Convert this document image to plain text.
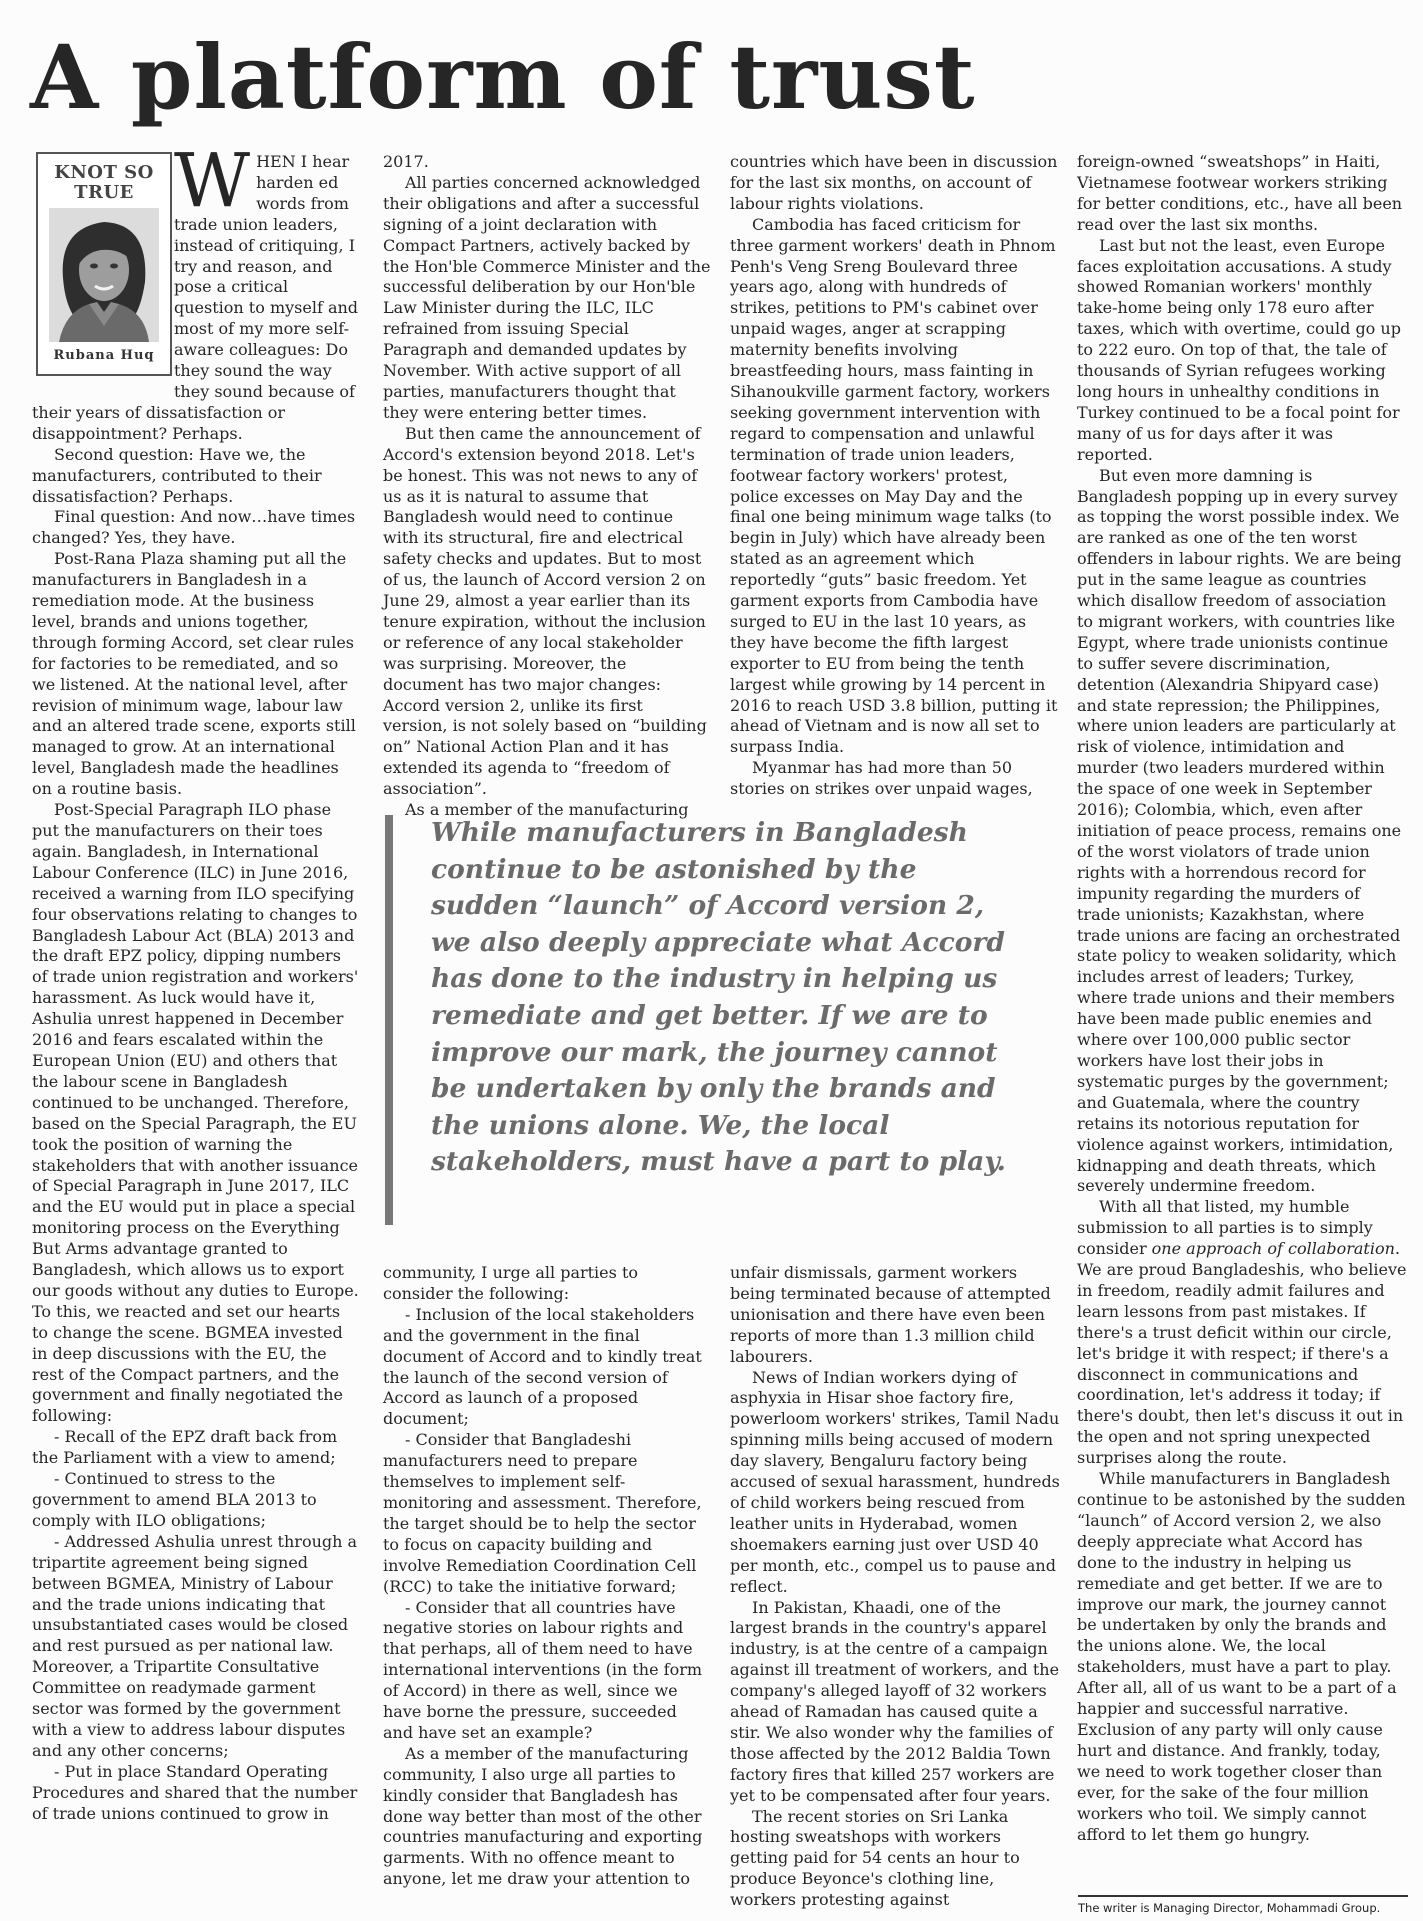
A platform of trust
KNOT SO
TRUE
Rubana Huq

WHEN I hear harden ed words from trade union leaders, instead of critiquing, I try and reason, and pose a critical question to myself and most of my more self-aware colleagues: Do they sound the way they sound because of their years of dissatisfaction or disappointment? Perhaps.

Second question: Have we, the manufacturers, contributed to their dissatisfaction? Perhaps.

Final question: And now…have times changed? Yes, they have.

Post-Rana Plaza shaming put all the manufacturers in Bangladesh in a remediation mode. At the business level, brands and unions together, through forming Accord, set clear rules for factories to be remediated, and so we listened. At the national level, after revision of minimum wage, labour law and an altered trade scene, exports still managed to grow. At an international level, Bangladesh made the headlines on a routine basis.

Post-Special Paragraph ILO phase put the manufacturers on their toes again. Bangladesh, in International Labour Conference (ILC) in June 2016, received a warning from ILO specifying four observations relating to changes to Bangladesh Labour Act (BLA) 2013 and the draft EPZ policy, dipping numbers of trade union registration and workers' harassment. As luck would have it, Ashulia unrest happened in December 2016 and fears escalated within the European Union (EU) and others that the labour scene in Bangladesh continued to be unchanged. Therefore, based on the Special Paragraph, the EU took the position of warning the stakeholders that with another issuance of Special Paragraph in June 2017, ILC and the EU would put in place a special monitoring process on the Everything But Arms advantage granted to Bangladesh, which allows us to export our goods without any duties to Europe. To this, we reacted and set our hearts to change the scene. BGMEA invested in deep discussions with the EU, the rest of the Compact partners, and the government and finally negotiated the following:

- Recall of the EPZ draft back from the Parliament with a view to amend;

- Continued to stress to the government to amend BLA 2013 to comply with ILO obligations;

- Addressed Ashulia unrest through a tripartite agreement being signed between BGMEA, Ministry of Labour and the trade unions indicating that unsubstantiated cases would be closed and rest pursued as per national law. Moreover, a Tripartite Consultative Committee on readymade garment sector was formed by the government with a view to address labour disputes and any other concerns;

- Put in place Standard Operating Procedures and shared that the number of trade unions continued to grow in

2017.

All parties concerned acknowledged their obligations and after a successful signing of a joint declaration with Compact Partners, actively backed by the Hon'ble Commerce Minister and the successful deliberation by our Hon'ble Law Minister during the ILC, ILC refrained from issuing Special Paragraph and demanded updates by November. With active support of all parties, manufacturers thought that they were entering better times.

But then came the announcement of Accord's extension beyond 2018. Let's be honest. This was not news to any of us as it is natural to assume that Bangladesh would need to continue with its structural, fire and electrical safety checks and updates. But to most of us, the launch of Accord version 2 on June 29, almost a year earlier than its tenure expiration, without the inclusion or reference of any local stakeholder was surprising. Moreover, the document has two major changes: Accord version 2, unlike its first version, is not solely based on “building on” National Action Plan and it has extended its agenda to “freedom of association”.

As a member of the manufacturing

countries which have been in discussion for the last six months, on account of labour rights violations.

Cambodia has faced criticism for three garment workers' death in Phnom Penh's Veng Sreng Boulevard three years ago, along with hundreds of strikes, petitions to PM's cabinet over unpaid wages, anger at scrapping maternity benefits involving breastfeeding hours, mass fainting in Sihanoukville garment factory, workers seeking government intervention with regard to compensation and unlawful termination of trade union leaders, footwear factory workers' protest, police excesses on May Day and the final one being minimum wage talks (to begin in July) which have already been stated as an agreement which reportedly “guts” basic freedom. Yet garment exports from Cambodia have surged to EU in the last 10 years, as they have become the fifth largest exporter to EU from being the tenth largest while growing by 14 percent in 2016 to reach USD 3.8 billion, putting it ahead of Vietnam and is now all set to surpass India.

Myanmar has had more than 50 stories on strikes over unpaid wages,

While manufacturers in Bangladesh continue to be astonished by the sudden “launch” of Accord version 2, we also deeply appreciate what Accord has done to the industry in helping us remediate and get better. If we are to improve our mark, the journey cannot be undertaken by only the brands and the unions alone. We, the local stakeholders, must have a part to play.

community, I urge all parties to consider the following:

- Inclusion of the local stakeholders and the government in the final document of Accord and to kindly treat the launch of the second version of Accord as launch of a proposed document;

- Consider that Bangladeshi manufacturers need to prepare themselves to implement self-monitoring and assessment. Therefore, the target should be to help the sector to focus on capacity building and involve Remediation Coordination Cell (RCC) to take the initiative forward;

- Consider that all countries have negative stories on labour rights and that perhaps, all of them need to have international interventions (in the form of Accord) in there as well, since we have borne the pressure, succeeded and have set an example?

As a member of the manufacturing community, I also urge all parties to kindly consider that Bangladesh has done way better than most of the other countries manufacturing and exporting garments. With no offence meant to anyone, let me draw your attention to

unfair dismissals, garment workers being terminated because of attempted unionisation and there have even been reports of more than 1.3 million child labourers.

News of Indian workers dying of asphyxia in Hisar shoe factory fire, powerloom workers' strikes, Tamil Nadu spinning mills being accused of modern day slavery, Bengaluru factory being accused of sexual harassment, hundreds of child workers being rescued from leather units in Hyderabad, women shoemakers earning just over USD 40 per month, etc., compel us to pause and reflect.

In Pakistan, Khaadi, one of the largest brands in the country's apparel industry, is at the centre of a campaign against ill treatment of workers, and the company's alleged layoff of 32 workers ahead of Ramadan has caused quite a stir. We also wonder why the families of those affected by the 2012 Baldia Town factory fires that killed 257 workers are yet to be compensated after four years.

The recent stories on Sri Lanka hosting sweatshops with workers getting paid for 54 cents an hour to produce Beyonce's clothing line, workers protesting against

foreign-owned “sweatshops” in Haiti, Vietnamese footwear workers striking for better conditions, etc., have all been read over the last six months.

Last but not the least, even Europe faces exploitation accusations. A study showed Romanian workers' monthly take-home being only 178 euro after taxes, which with overtime, could go up to 222 euro. On top of that, the tale of thousands of Syrian refugees working long hours in unhealthy conditions in Turkey continued to be a focal point for many of us for days after it was reported.

But even more damning is Bangladesh popping up in every survey as topping the worst possible index. We are ranked as one of the ten worst offenders in labour rights. We are being put in the same league as countries which disallow freedom of association to migrant workers, with countries like Egypt, where trade unionists continue to suffer severe discrimination, detention (Alexandria Shipyard case) and state repression; the Philippines, where union leaders are particularly at risk of violence, intimidation and murder (two leaders murdered within the space of one week in September 2016); Colombia, which, even after initiation of peace process, remains one of the worst violators of trade union rights with a horrendous record for impunity regarding the murders of trade unionists; Kazakhstan, where trade unions are facing an orchestrated state policy to weaken solidarity, which includes arrest of leaders; Turkey, where trade unions and their members have been made public enemies and where over 100,000 public sector workers have lost their jobs in systematic purges by the government; and Guatemala, where the country retains its notorious reputation for violence against workers, intimidation, kidnapping and death threats, which severely undermine freedom.

With all that listed, my humble submission to all parties is to simply consider one approach of collaboration. We are proud Bangladeshis, who believe in freedom, readily admit failures and learn lessons from past mistakes. If there's a trust deficit within our circle, let's bridge it with respect; if there's a disconnect in communications and coordination, let's address it today; if there's doubt, then let's discuss it out in the open and not spring unexpected surprises along the route.

While manufacturers in Bangladesh continue to be astonished by the sudden “launch” of Accord version 2, we also deeply appreciate what Accord has done to the industry in helping us remediate and get better. If we are to improve our mark, the journey cannot be undertaken by only the brands and the unions alone. We, the local stakeholders, must have a part to play. After all, all of us want to be a part of a happier and successful narrative. Exclusion of any party will only cause hurt and distance. And frankly, today, we need to work together closer than ever, for the sake of the four million workers who toil. We simply cannot afford to let them go hungry.

The writer is Managing Director, Mohammadi Group.
